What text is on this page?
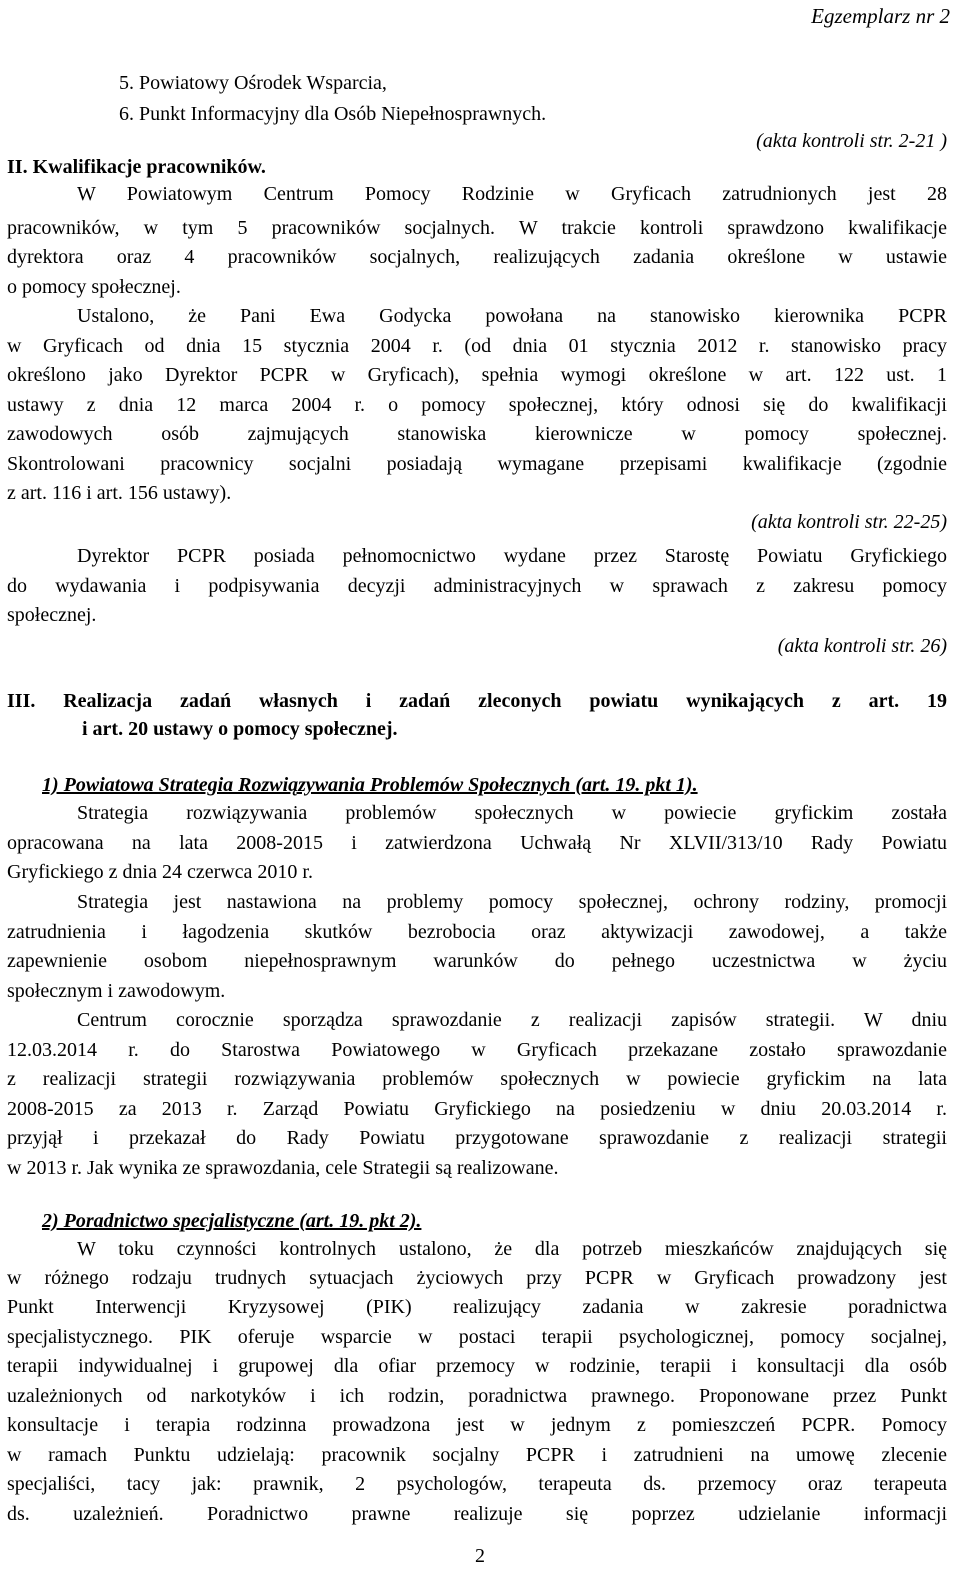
Egzemplarz nr 2
5. Powiatowy Ośrodek Wsparcia,
6. Punkt Informacyjny dla Osób Niepełnosprawnych.
(akta kontroli str. 2-21 )
II. Kwalifikacje pracowników.
W Powiatowym Centrum Pomocy Rodzinie w Gryficach zatrudnionych jest 28
pracowników, w tym 5 pracowników socjalnych. W trakcie kontroli sprawdzono kwalifikacje
dyrektora oraz 4 pracowników socjalnych, realizujących zadania określone w ustawie
o pomocy społecznej.
Ustalono, że Pani Ewa Godycka powołana na stanowisko kierownika PCPR
w Gryficach od dnia 15 stycznia 2004 r. (od dnia 01 stycznia 2012 r. stanowisko pracy
określono jako Dyrektor PCPR w Gryficach), spełnia wymogi określone w art. 122 ust. 1
ustawy z dnia 12 marca 2004 r. o pomocy społecznej, który odnosi się do kwalifikacji
zawodowych osób zajmujących stanowiska kierownicze w pomocy społecznej.
Skontrolowani pracownicy socjalni posiadają wymagane przepisami kwalifikacje (zgodnie
z art. 116 i art. 156 ustawy).
(akta kontroli str. 22-25)
Dyrektor PCPR posiada pełnomocnictwo wydane przez Starostę Powiatu Gryfickiego
do wydawania i podpisywania decyzji administracyjnych w sprawach z zakresu pomocy
społecznej.
(akta kontroli str. 26)
III. Realizacja zadań własnych i zadań zleconych powiatu wynikających z art. 19
i art. 20 ustawy o pomocy społecznej.
1) Powiatowa Strategia Rozwiązywania Problemów Społecznych (art. 19. pkt 1).
Strategia rozwiązywania problemów społecznych w powiecie gryfickim została
opracowana na lata 2008-2015 i zatwierdzona Uchwałą Nr XLVII/313/10 Rady Powiatu
Gryfickiego z dnia 24 czerwca 2010 r.
Strategia jest nastawiona na problemy pomocy społecznej, ochrony rodziny, promocji
zatrudnienia i łagodzenia skutków bezrobocia oraz aktywizacji zawodowej, a także
zapewnienie osobom niepełnosprawnym warunków do pełnego uczestnictwa w życiu
społecznym i zawodowym.
Centrum corocznie sporządza sprawozdanie z realizacji zapisów strategii. W dniu
12.03.2014 r. do Starostwa Powiatowego w Gryficach przekazane zostało sprawozdanie
z realizacji strategii rozwiązywania problemów społecznych w powiecie gryfickim na lata
2008-2015 za 2013 r. Zarząd Powiatu Gryfickiego na posiedzeniu w dniu 20.03.2014 r.
przyjął i przekazał do Rady Powiatu przygotowane sprawozdanie z realizacji strategii
w 2013 r. Jak wynika ze sprawozdania, cele Strategii są realizowane.
2) Poradnictwo specjalistyczne (art. 19. pkt 2).
W toku czynności kontrolnych ustalono, że dla potrzeb mieszkańców znajdujących się
w różnego rodzaju trudnych sytuacjach życiowych przy PCPR w Gryficach prowadzony jest
Punkt Interwencji Kryzysowej (PIK) realizujący zadania w zakresie poradnictwa
specjalistycznego. PIK oferuje wsparcie w postaci terapii psychologicznej, pomocy socjalnej,
terapii indywidualnej i grupowej dla ofiar przemocy w rodzinie, terapii i konsultacji dla osób
uzależnionych od narkotyków i ich rodzin, poradnictwa prawnego. Proponowane przez Punkt
konsultacje i terapia rodzinna prowadzona jest w jednym z pomieszczeń PCPR. Pomocy
w ramach Punktu udzielają: pracownik socjalny PCPR i zatrudnieni na umowę zlecenie
specjaliści, tacy jak: prawnik, 2 psychologów, terapeuta ds. przemocy oraz terapeuta
ds. uzależnień. Poradnictwo prawne realizuje się poprzez udzielanie informacji
2
